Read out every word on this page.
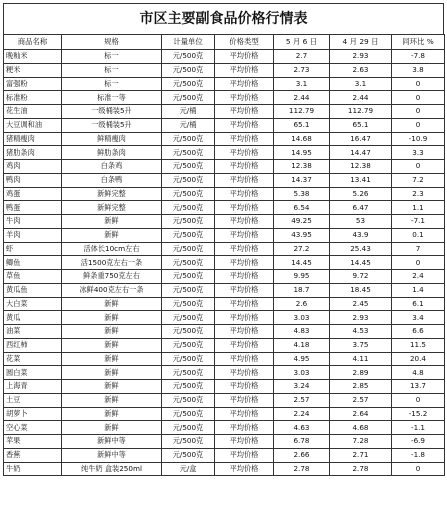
市区主要副食品价格行情表
商品名称	规格	计量单位	价格类型	5 月 6 日	4 月 29 日	同环比 %
晚籼米	标一	元/500克	平均价格	2.7	2.93	-7.8
粳米	标一	元/500克	平均价格	2.73	2.63	3.8
富强粉	标一	元/500克	平均价格	3.1	3.1	0
标准粉	标准一等	元/500克	平均价格	2.44	2.44	0
花生油	一级桶装5升	元/桶	平均价格	112.79	112.79	0
大豆调和油	一级桶装5升	元/桶	平均价格	65.1	65.1	0
猪精瘦肉	鲜精瘦肉	元/500克	平均价格	14.68	16.47	-10.9
猪肋条肉	鲜肋条肉	元/500克	平均价格	14.95	14.47	3.3
鸡肉	白条鸡	元/500克	平均价格	12.38	12.38	0
鸭肉	白条鸭	元/500克	平均价格	14.37	13.41	7.2
鸡蛋	新鲜完整	元/500克	平均价格	5.38	5.26	2.3
鸭蛋	新鲜完整	元/500克	平均价格	6.54	6.47	1.1
牛肉	新鲜	元/500克	平均价格	49.25	53	-7.1
羊肉	新鲜	元/500克	平均价格	43.95	43.9	0.1
虾	活体长10cm左右	元/500克	平均价格	27.2	25.43	7
鲫鱼	活1500克左右一条	元/500克	平均价格	14.45	14.45	0
草鱼	鲜条重750克左右	元/500克	平均价格	9.95	9.72	2.4
黄瓜鱼	冰鲜400克左右一条	元/500克	平均价格	18.7	18.45	1.4
大白菜	新鲜	元/500克	平均价格	2.6	2.45	6.1
黄瓜	新鲜	元/500克	平均价格	3.03	2.93	3.4
油菜	新鲜	元/500克	平均价格	4.83	4.53	6.6
西红柿	新鲜	元/500克	平均价格	4.18	3.75	11.5
花菜	新鲜	元/500克	平均价格	4.95	4.11	20.4
圆白菜	新鲜	元/500克	平均价格	3.03	2.89	4.8
上海青	新鲜	元/500克	平均价格	3.24	2.85	13.7
土豆	新鲜	元/500克	平均价格	2.57	2.57	0
胡萝卜	新鲜	元/500克	平均价格	2.24	2.64	-15.2
空心菜	新鲜	元/500克	平均价格	4.63	4.68	-1.1
苹果	新鲜中等	元/500克	平均价格	6.78	7.28	-6.9
香蕉	新鲜中等	元/500克	平均价格	2.66	2.71	-1.8
牛奶	纯牛奶 盒装250ml	元/盒	平均价格	2.78	2.78	0
